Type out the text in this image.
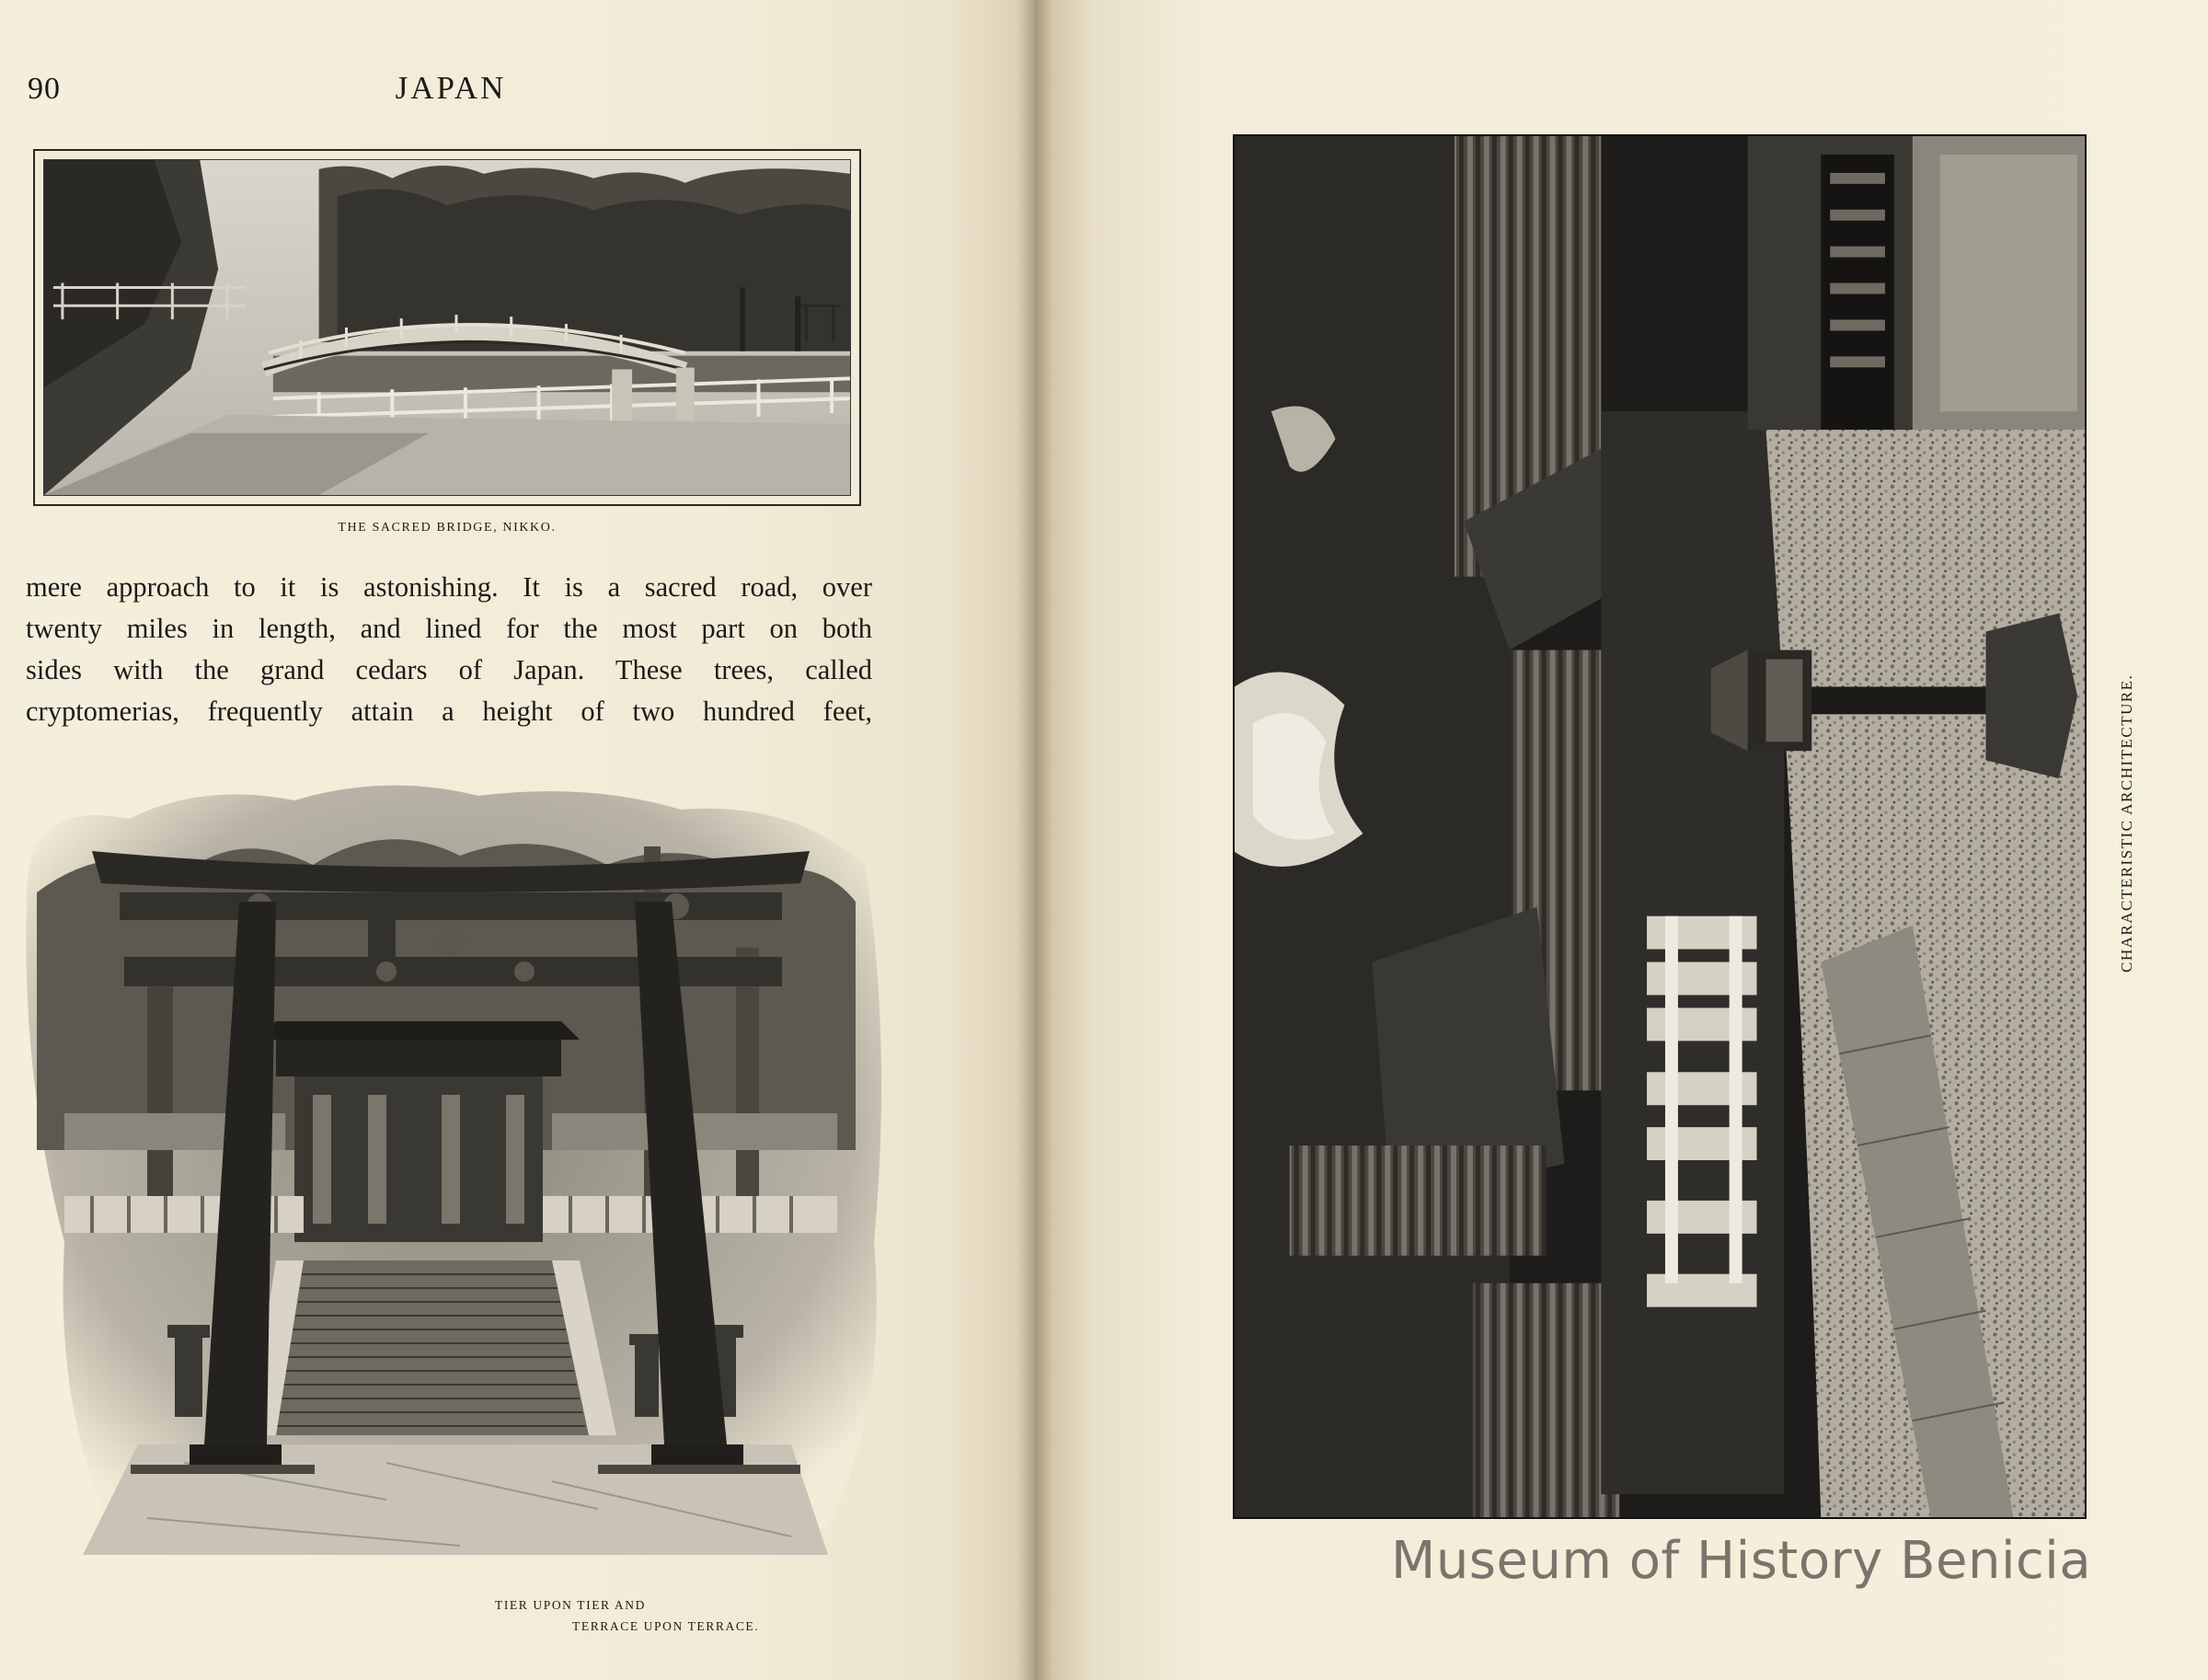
90	JAPAN
THE SACRED BRIDGE, NIKKO.
mere approach to it is astonishing. It is a sacred road, over
twenty miles in length, and lined for the most part on both
sides with the grand cedars of Japan. These trees, called
cryptomerias, frequently attain a height of two hundred feet,
TIER UPON TIER AND
TERRACE UPON TERRACE.
CHARACTERISTIC ARCHITECTURE.
Museum of History Benicia
